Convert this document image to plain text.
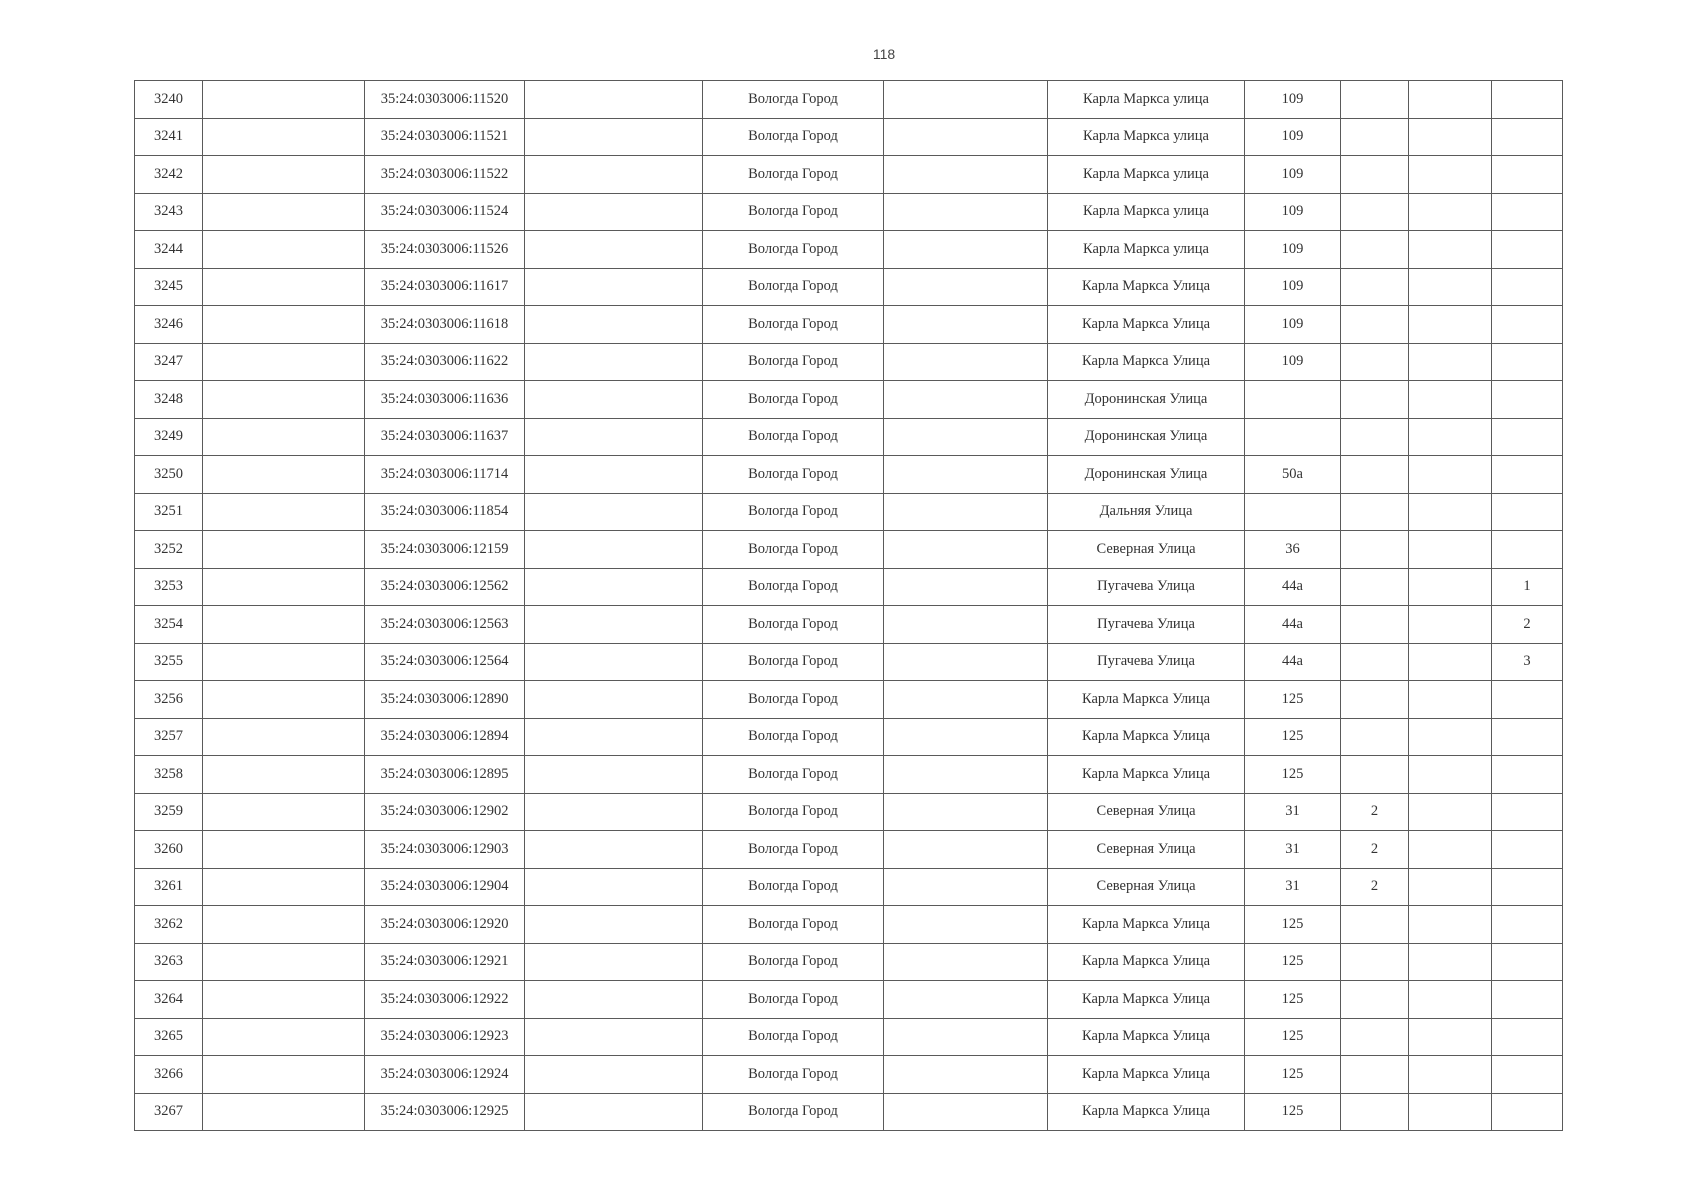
118
3240		35:24:0303006:11520		Вологда Город		Карла Маркса улица	109			
3241		35:24:0303006:11521		Вологда Город		Карла Маркса улица	109			
3242		35:24:0303006:11522		Вологда Город		Карла Маркса улица	109			
3243		35:24:0303006:11524		Вологда Город		Карла Маркса улица	109			
3244		35:24:0303006:11526		Вологда Город		Карла Маркса улица	109			
3245		35:24:0303006:11617		Вологда Город		Карла Маркса Улица	109			
3246		35:24:0303006:11618		Вологда Город		Карла Маркса Улица	109			
3247		35:24:0303006:11622		Вологда Город		Карла Маркса Улица	109			
3248		35:24:0303006:11636		Вологда Город		Доронинская Улица				
3249		35:24:0303006:11637		Вологда Город		Доронинская Улица				
3250		35:24:0303006:11714		Вологда Город		Доронинская Улица	50а			
3251		35:24:0303006:11854		Вологда Город		Дальняя Улица				
3252		35:24:0303006:12159		Вологда Город		Северная Улица	36			
3253		35:24:0303006:12562		Вологда Город		Пугачева Улица	44а			1
3254		35:24:0303006:12563		Вологда Город		Пугачева Улица	44а			2
3255		35:24:0303006:12564		Вологда Город		Пугачева Улица	44а			3
3256		35:24:0303006:12890		Вологда Город		Карла Маркса Улица	125			
3257		35:24:0303006:12894		Вологда Город		Карла Маркса Улица	125			
3258		35:24:0303006:12895		Вологда Город		Карла Маркса Улица	125			
3259		35:24:0303006:12902		Вологда Город		Северная Улица	31	2		
3260		35:24:0303006:12903		Вологда Город		Северная Улица	31	2		
3261		35:24:0303006:12904		Вологда Город		Северная Улица	31	2		
3262		35:24:0303006:12920		Вологда Город		Карла Маркса Улица	125			
3263		35:24:0303006:12921		Вологда Город		Карла Маркса Улица	125			
3264		35:24:0303006:12922		Вологда Город		Карла Маркса Улица	125			
3265		35:24:0303006:12923		Вологда Город		Карла Маркса Улица	125			
3266		35:24:0303006:12924		Вологда Город		Карла Маркса Улица	125			
3267		35:24:0303006:12925		Вологда Город		Карла Маркса Улица	125			
